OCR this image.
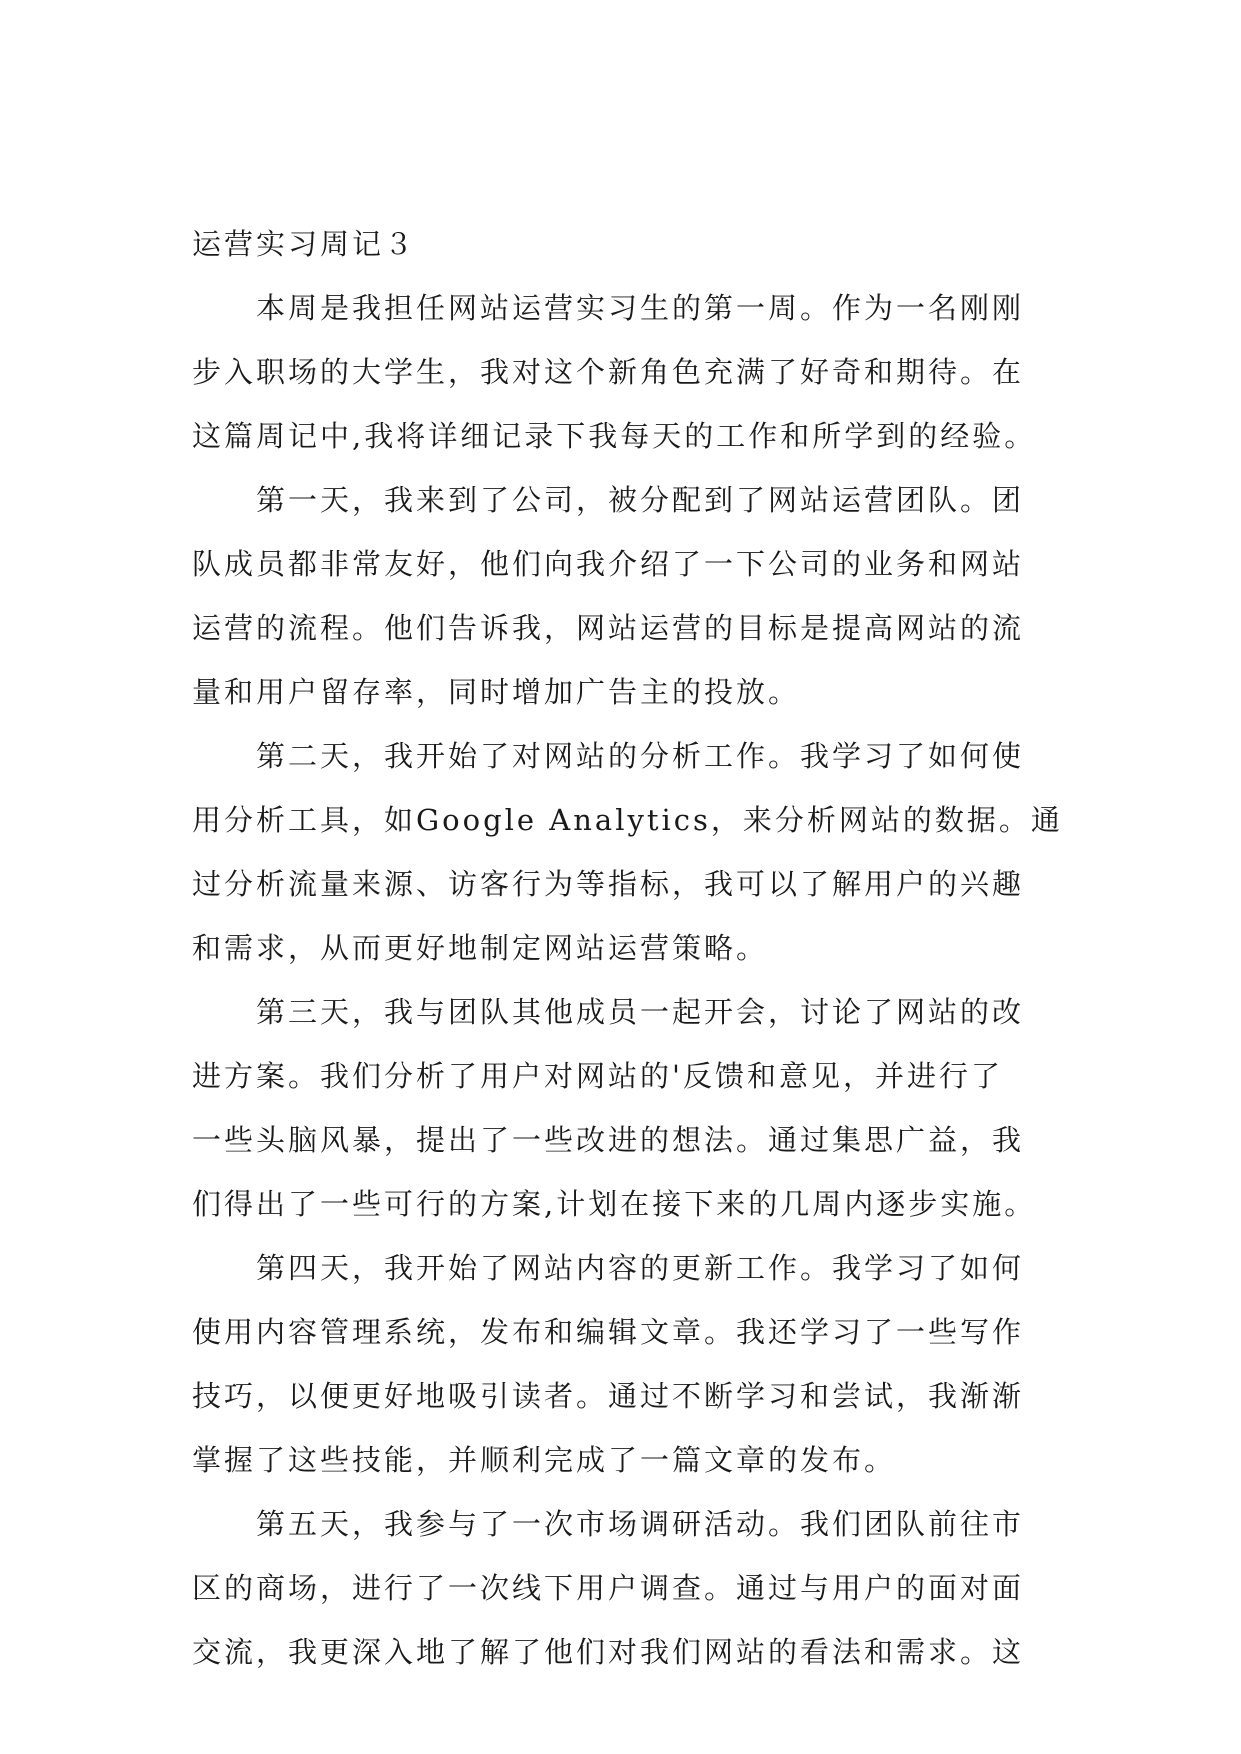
运营实习周记３

本周是我担任网站运营实习生的第一周。作为一名刚刚
步入职场的大学生，我对这个新角色充满了好奇和期待。在
这篇周记中,我将详细记录下我每天的工作和所学到的经验。

第一天，我来到了公司，被分配到了网站运营团队。团
队成员都非常友好，他们向我介绍了一下公司的业务和网站
运营的流程。他们告诉我，网站运营的目标是提高网站的流
量和用户留存率，同时增加广告主的投放。

第二天，我开始了对网站的分析工作。我学习了如何使
用分析工具，如Google Analytics，来分析网站的数据。通
过分析流量来源、访客行为等指标，我可以了解用户的兴趣
和需求，从而更好地制定网站运营策略。

第三天，我与团队其他成员一起开会，讨论了网站的改
进方案。我们分析了用户对网站的'反馈和意见，并进行了
一些头脑风暴，提出了一些改进的想法。通过集思广益，我
们得出了一些可行的方案,计划在接下来的几周内逐步实施。

第四天，我开始了网站内容的更新工作。我学习了如何
使用内容管理系统，发布和编辑文章。我还学习了一些写作
技巧，以便更好地吸引读者。通过不断学习和尝试，我渐渐
掌握了这些技能，并顺利完成了一篇文章的发布。

第五天，我参与了一次市场调研活动。我们团队前往市
区的商场，进行了一次线下用户调查。通过与用户的面对面
交流，我更深入地了解了他们对我们网站的看法和需求。这
